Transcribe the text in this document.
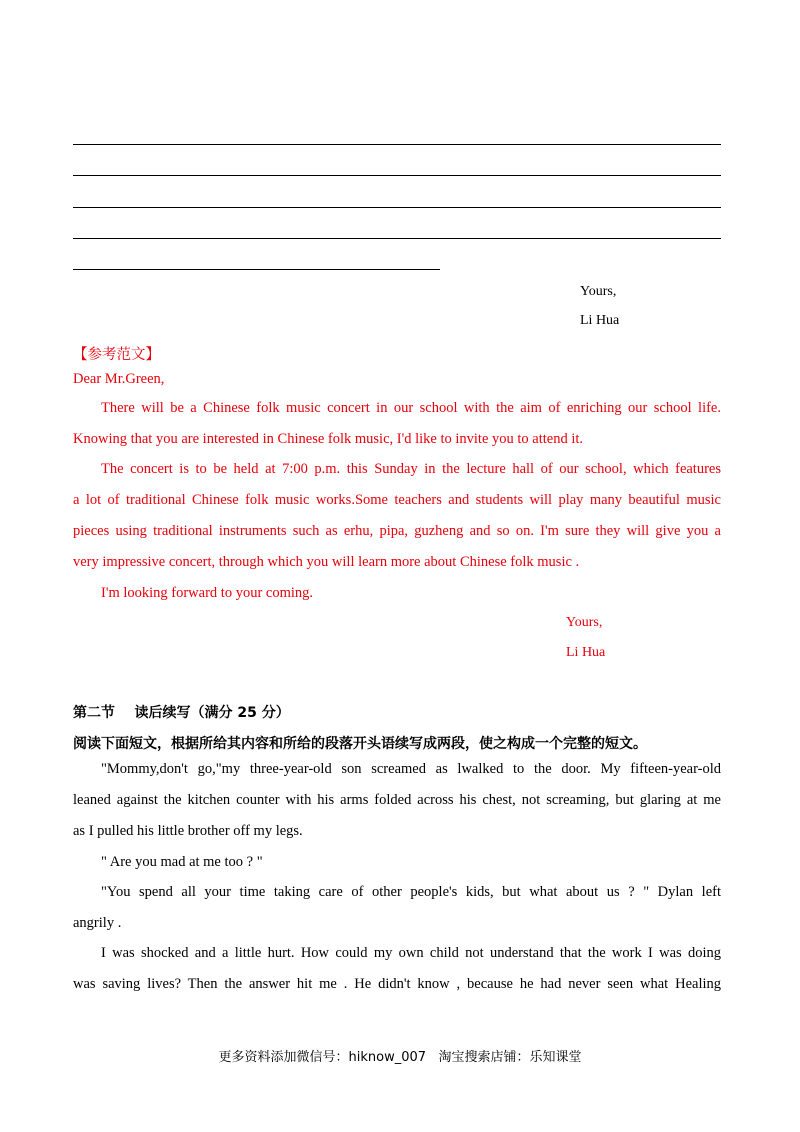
Yours,
Li Hua
【参考范文】
Dear Mr.Green,
There will be a Chinese folk music concert in our school with the aim of enriching our school life.
Knowing that you are interested in Chinese folk music, I'd like to invite you to attend it.
The concert is to be held at 7:00 p.m. this Sunday in the lecture hall of our school, which features
a lot of traditional Chinese folk music works.Some teachers and students will play many beautiful music
pieces using traditional instruments such as erhu, pipa, guzheng and so on. I'm sure they will give you a
very impressive concert, through which you will learn more about Chinese folk music .
I'm looking forward to your coming.
Yours,
Li Hua
第二节    读后续写（满分 25 分）
阅读下面短文，根据所给其内容和所给的段落开头语续写成两段，使之构成一个完整的短文。
"Mommy,don't go,"my three-year-old son screamed as lwalked to the door. My fifteen-year-old
leaned against the kitchen counter with his arms folded across his chest, not screaming, but glaring at me
as I pulled his little brother off my legs.
" Are you mad at me too ? "
"You spend all your time taking care of other people's kids, but what about us ? " Dylan left
angrily .
I was shocked and a little hurt. How could my own child not understand that the work I was doing
was saving lives? Then the answer hit me . He didn't know , because he had never seen what Healing
更多资料添加微信号：hiknow_007   淘宝搜索店铺：乐知课堂
